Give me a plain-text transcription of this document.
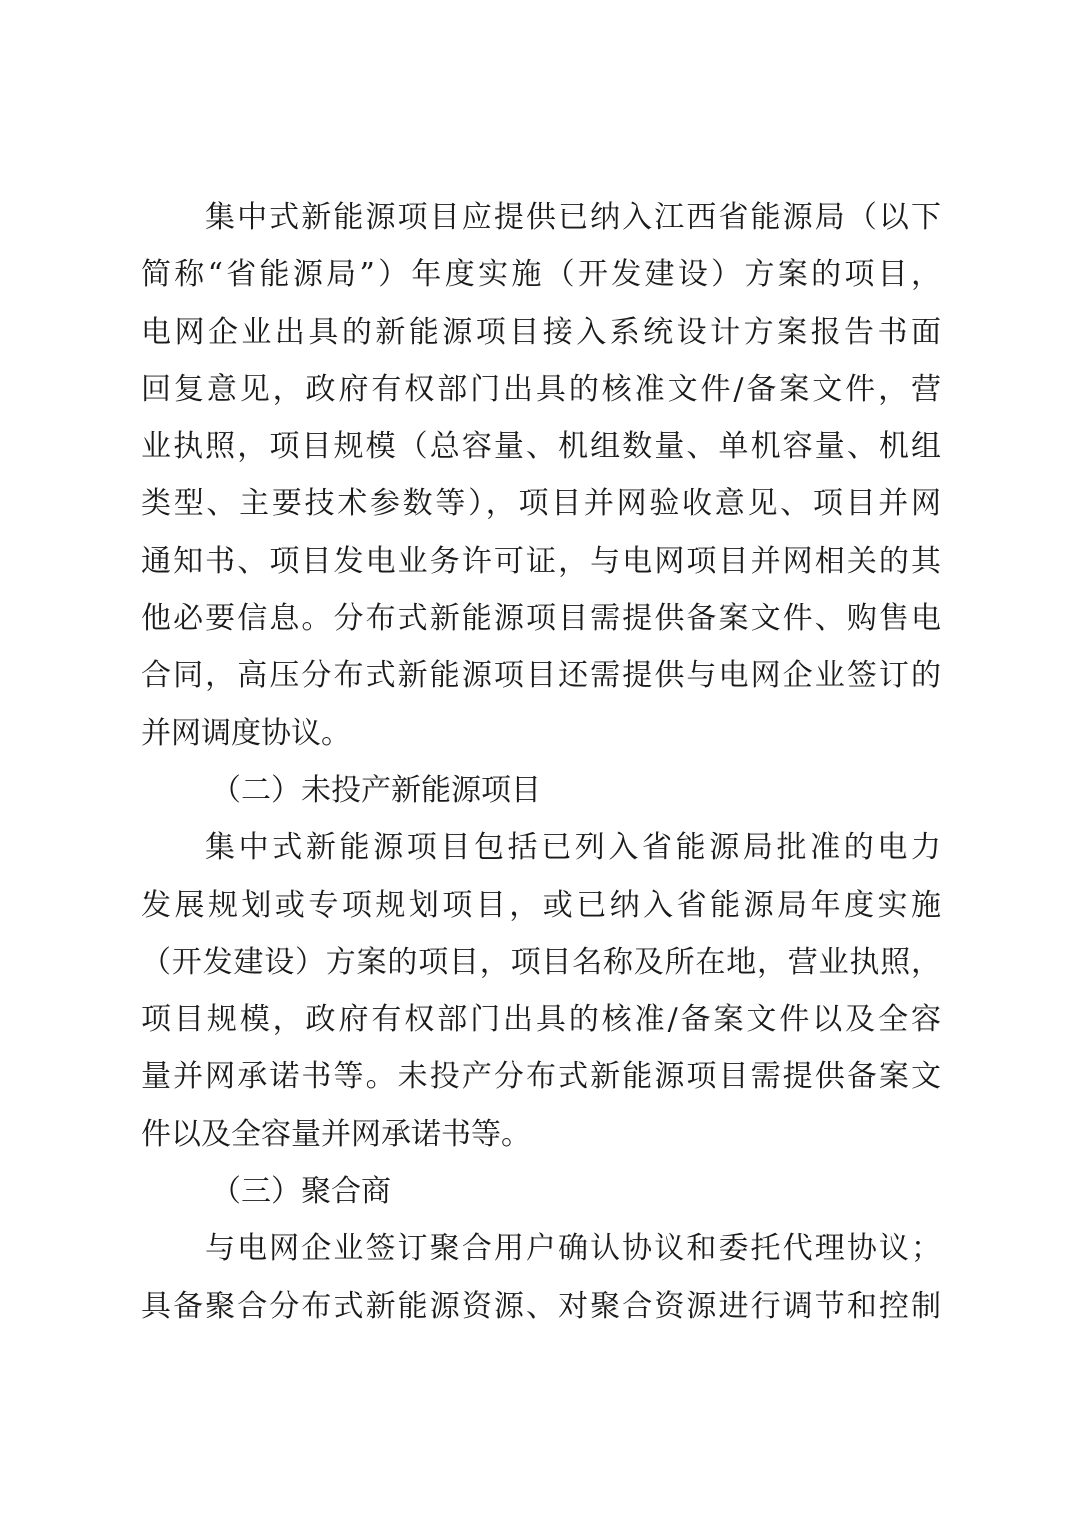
集中式新能源项目应提供已纳入江西省能源局（以下
简称“省能源局”）年度实施（开发建设）方案的项目，
电网企业出具的新能源项目接入系统设计方案报告书面
回复意见，政府有权部门出具的核准文件/备案文件，营
业执照，项目规模（总容量、机组数量、单机容量、机组
类型、主要技术参数等），项目并网验收意见、项目并网
通知书、项目发电业务许可证，与电网项目并网相关的其
他必要信息。分布式新能源项目需提供备案文件、购售电
合同，高压分布式新能源项目还需提供与电网企业签订的
并网调度协议。
（二）未投产新能源项目
集中式新能源项目包括已列入省能源局批准的电力
发展规划或专项规划项目，或已纳入省能源局年度实施
（开发建设）方案的项目，项目名称及所在地，营业执照，
项目规模，政府有权部门出具的核准/备案文件以及全容
量并网承诺书等。未投产分布式新能源项目需提供备案文
件以及全容量并网承诺书等。
（三）聚合商
与电网企业签订聚合用户确认协议和委托代理协议；
具备聚合分布式新能源资源、对聚合资源进行调节和控制
